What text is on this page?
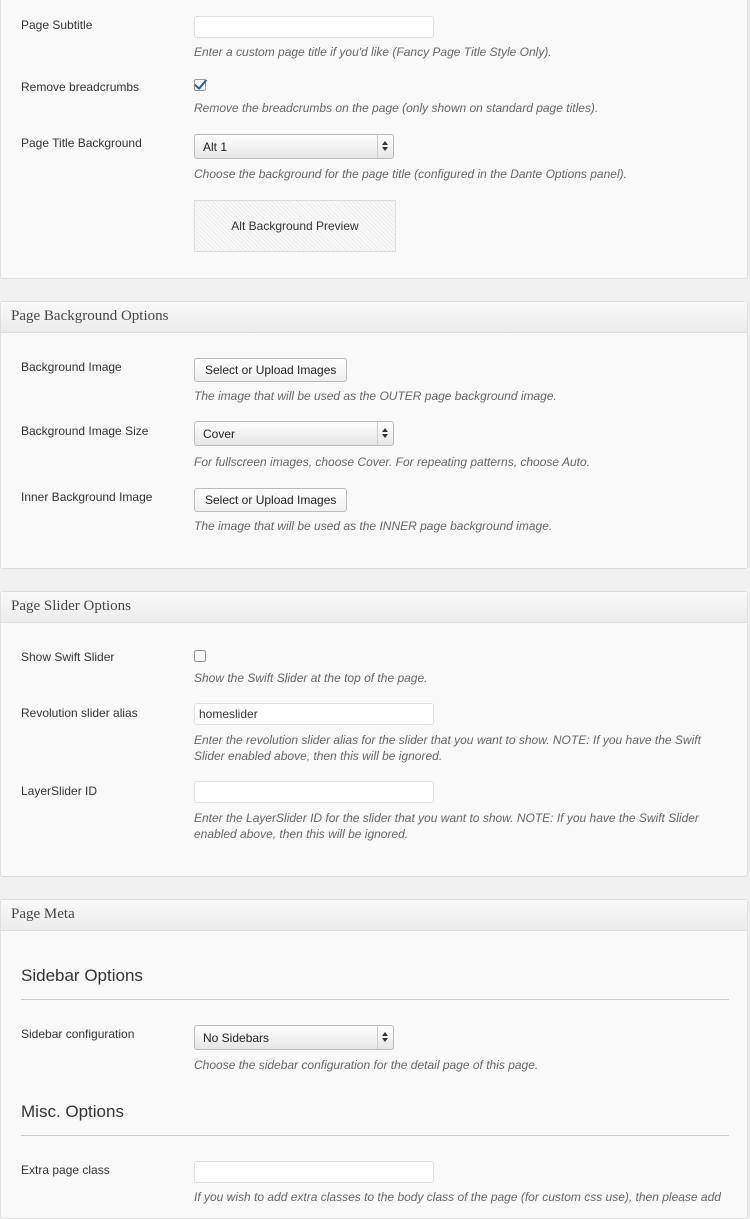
Page Subtitle
Enter a custom page title if you'd like (Fancy Page Title Style Only).
Remove breadcrumbs
Remove the breadcrumbs on the page (only shown on standard page titles).
Page Title Background	Alt 1
Choose the background for the page title (configured in the Dante Options panel).
Alt Background Preview
Page Background Options
Background Image	Select or Upload Images
The image that will be used as the OUTER page background image.
Background Image Size	Cover
For fullscreen images, choose Cover. For repeating patterns, choose Auto.
Inner Background Image	Select or Upload Images
The image that will be used as the INNER page background image.
Page Slider Options
Show Swift Slider
Show the Swift Slider at the top of the page.
Revolution slider alias	homeslider
Enter the revolution slider alias for the slider that you want to show. NOTE: If you have the Swift Slider enabled above, then this will be ignored.
LayerSlider ID
Enter the LayerSlider ID for the slider that you want to show. NOTE: If you have the Swift Slider enabled above, then this will be ignored.
Page Meta
Sidebar Options
Sidebar configuration	No Sidebars
Choose the sidebar configuration for the detail page of this page.
Misc. Options
Extra page class
If you wish to add extra classes to the body class of the page (for custom css use), then please add
